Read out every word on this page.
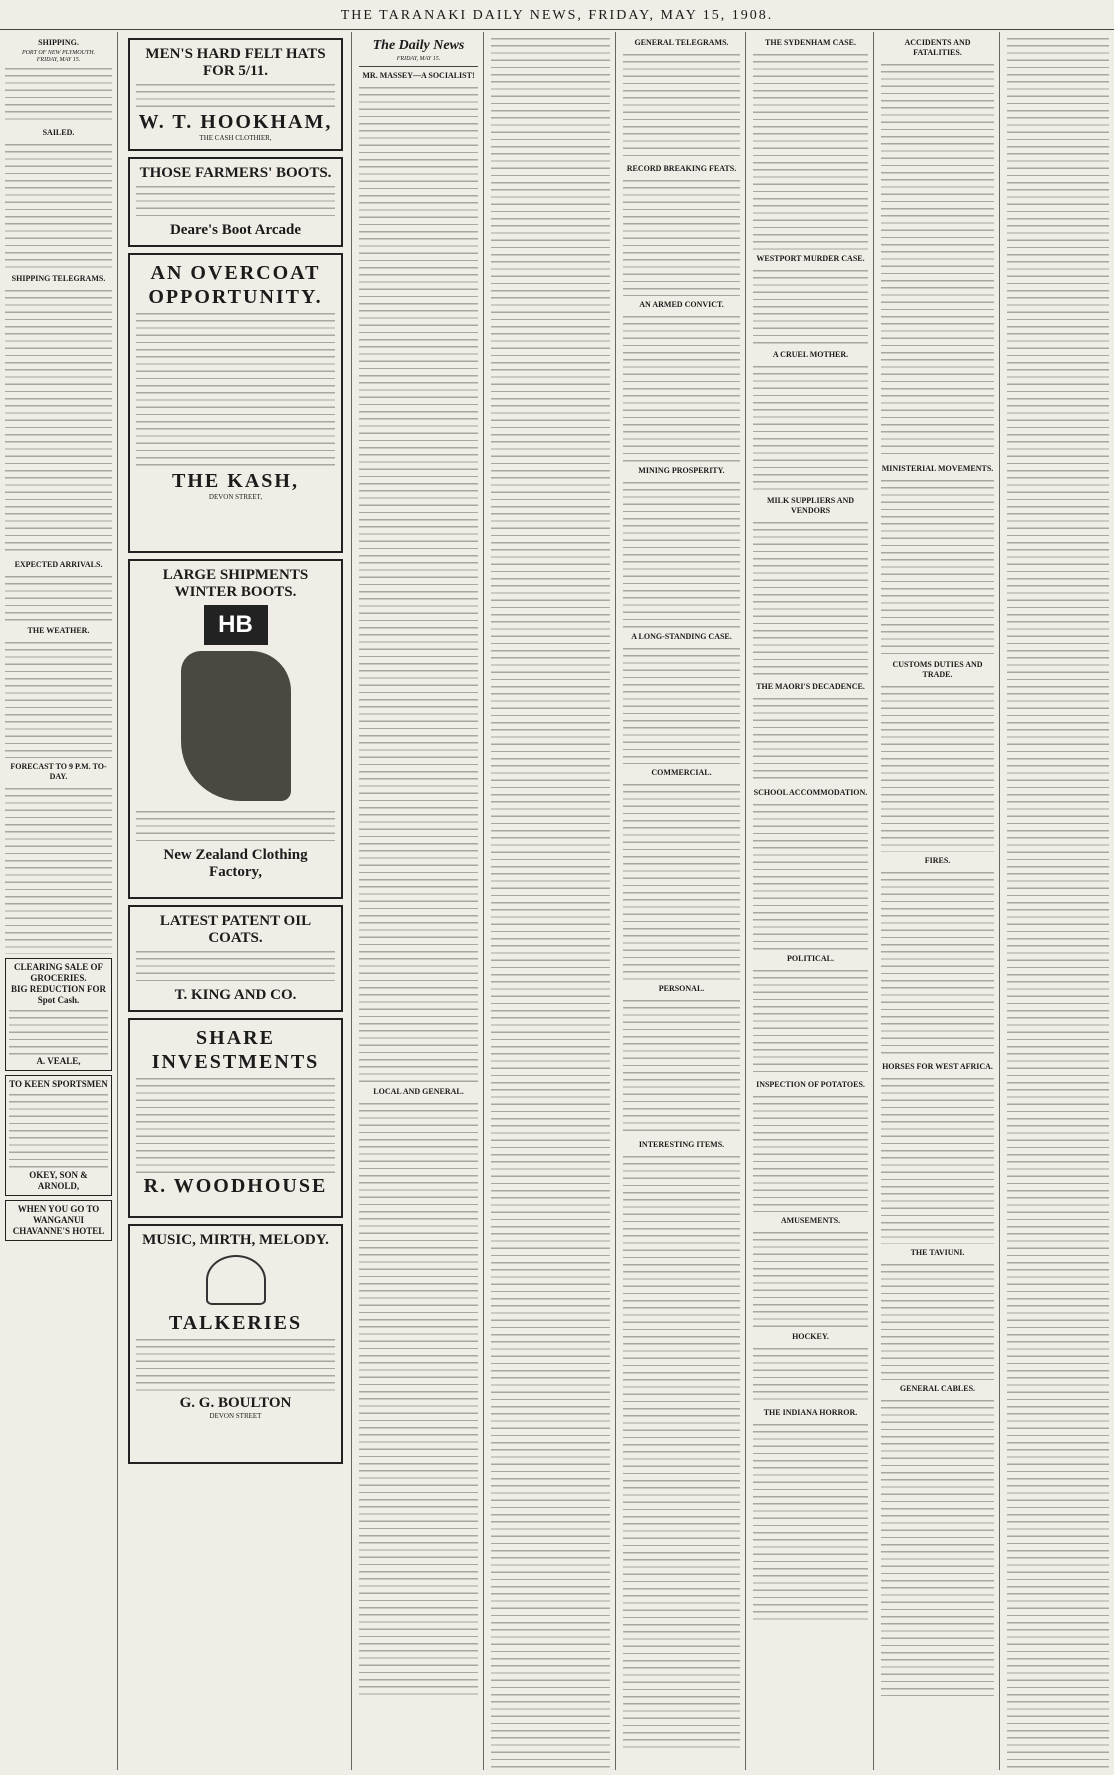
THE TARANAKI DAILY NEWS, FRIDAY, MAY 15, 1908.
SHIPPING.
PORT OF NEW PLYMOUTH.
FRIDAY, MAY 15.
SAILED.
SHIPPING TELEGRAMS.
EXPECTED ARRIVALS.
THE WEATHER.
FORECAST TO 9 P.M. TO-DAY.
CLEARING SALE OF GROCERIES.
BIG REDUCTION FOR Spot Cash.
A. VEALE,
TO KEEN SPORTSMEN
OKEY, SON & ARNOLD,
WHEN YOU GO TO WANGANUI
CHAVANNE'S HOTEL
MEN'S HARD FELT HATS FOR 5/11.
W. T. HOOKHAM,
THE CASH CLOTHIER,
THOSE FARMERS' BOOTS.
Deare's Boot Arcade
AN OVERCOAT OPPORTUNITY.
THE KASH,
DEVON STREET,
LARGE SHIPMENTS WINTER BOOTS.
HB
New Zealand Clothing Factory,
LATEST PATENT OIL COATS.
T. KING AND CO.
SHARE INVESTMENTS
R. WOODHOUSE
MUSIC, MIRTH, MELODY.
TALKERIES
G. G. BOULTON
DEVON STREET
The Daily News
FRIDAY, MAY 15.
MR. MASSEY—A SOCIALIST!
LOCAL AND GENERAL.
GENERAL TELEGRAMS.
RECORD BREAKING FEATS.
AN ARMED CONVICT.
MINING PROSPERITY.
A LONG-STANDING CASE.
COMMERCIAL.
PERSONAL.
INTERESTING ITEMS.
THE SYDENHAM CASE.
WESTPORT MURDER CASE.
A CRUEL MOTHER.
MILK SUPPLIERS AND VENDORS
THE MAORI'S DECADENCE.
SCHOOL ACCOMMODATION.
POLITICAL.
INSPECTION OF POTATOES.
AMUSEMENTS.
HOCKEY.
THE INDIANA HORROR.
ACCIDENTS AND FATALITIES.
MINISTERIAL MOVEMENTS.
CUSTOMS DUTIES AND TRADE.
FIRES.
HORSES FOR WEST AFRICA.
THE TAVIUNI.
GENERAL CABLES.
